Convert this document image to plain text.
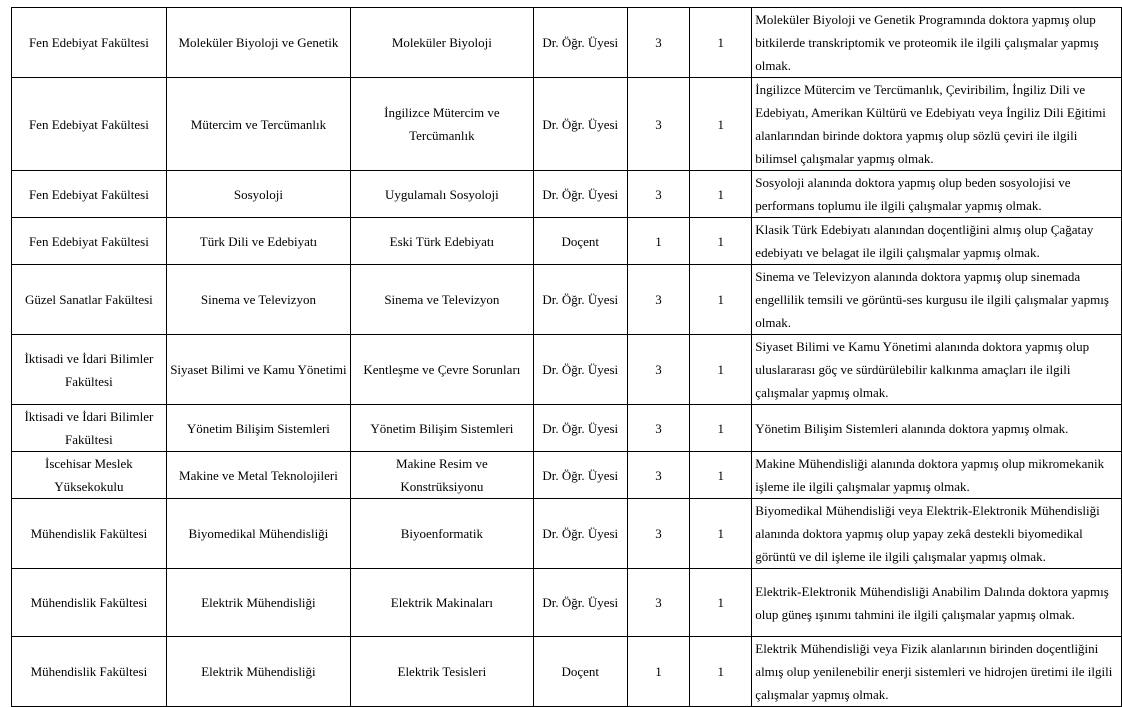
Fen Edebiyat Fakültesi	Moleküler Biyoloji ve Genetik	Moleküler Biyoloji	Dr. Öğr. Üyesi	3	1	Moleküler Biyoloji ve Genetik Programında doktora yapmış olup bitkilerde transkriptomik ve proteomik ile ilgili çalışmalar yapmış olmak.
Fen Edebiyat Fakültesi	Mütercim ve Tercümanlık	İngilizce Mütercim ve Tercümanlık	Dr. Öğr. Üyesi	3	1	İngilizce Mütercim ve Tercümanlık, Çeviribilim, İngiliz Dili ve Edebiyatı, Amerikan Kültürü ve Edebiyatı veya İngiliz Dili Eğitimi alanlarından birinde doktora yapmış olup sözlü çeviri ile ilgili bilimsel çalışmalar yapmış olmak.
Fen Edebiyat Fakültesi	Sosyoloji	Uygulamalı Sosyoloji	Dr. Öğr. Üyesi	3	1	Sosyoloji alanında doktora yapmış olup beden sosyolojisi ve performans toplumu ile ilgili çalışmalar yapmış olmak.
Fen Edebiyat Fakültesi	Türk Dili ve Edebiyatı	Eski Türk Edebiyatı	Doçent	1	1	Klasik Türk Edebiyatı alanından doçentliğini almış olup Çağatay edebiyatı ve belagat ile ilgili çalışmalar yapmış olmak.
Güzel Sanatlar Fakültesi	Sinema ve Televizyon	Sinema ve Televizyon	Dr. Öğr. Üyesi	3	1	Sinema ve Televizyon alanında doktora yapmış olup sinemada engellilik temsili ve görüntü-ses kurgusu ile ilgili çalışmalar yapmış olmak.
İktisadi ve İdari Bilimler Fakültesi	Siyaset Bilimi ve Kamu Yönetimi	Kentleşme ve Çevre Sorunları	Dr. Öğr. Üyesi	3	1	Siyaset Bilimi ve Kamu Yönetimi alanında doktora yapmış olup uluslararası göç ve sürdürülebilir kalkınma amaçları ile ilgili çalışmalar yapmış olmak.
İktisadi ve İdari Bilimler Fakültesi	Yönetim Bilişim Sistemleri	Yönetim Bilişim Sistemleri	Dr. Öğr. Üyesi	3	1	Yönetim Bilişim Sistemleri alanında doktora yapmış olmak.
İscehisar Meslek Yüksekokulu	Makine ve Metal Teknolojileri	Makine Resim ve Konstrüksiyonu	Dr. Öğr. Üyesi	3	1	Makine Mühendisliği alanında doktora yapmış olup mikromekanik işleme ile ilgili çalışmalar yapmış olmak.
Mühendislik Fakültesi	Biyomedikal Mühendisliği	Biyoenformatik	Dr. Öğr. Üyesi	3	1	Biyomedikal Mühendisliği veya Elektrik-Elektronik Mühendisliği alanında doktora yapmış olup yapay zekâ destekli biyomedikal görüntü ve dil işleme ile ilgili çalışmalar yapmış olmak.
Mühendislik Fakültesi	Elektrik Mühendisliği	Elektrik Makinaları	Dr. Öğr. Üyesi	3	1	Elektrik-Elektronik Mühendisliği Anabilim Dalında doktora yapmış olup güneş ışınımı tahmini ile ilgili çalışmalar yapmış olmak.
Mühendislik Fakültesi	Elektrik Mühendisliği	Elektrik Tesisleri	Doçent	1	1	Elektrik Mühendisliği veya Fizik alanlarının birinden doçentliğini almış olup yenilenebilir enerji sistemleri ve hidrojen üretimi ile ilgili çalışmalar yapmış olmak.
